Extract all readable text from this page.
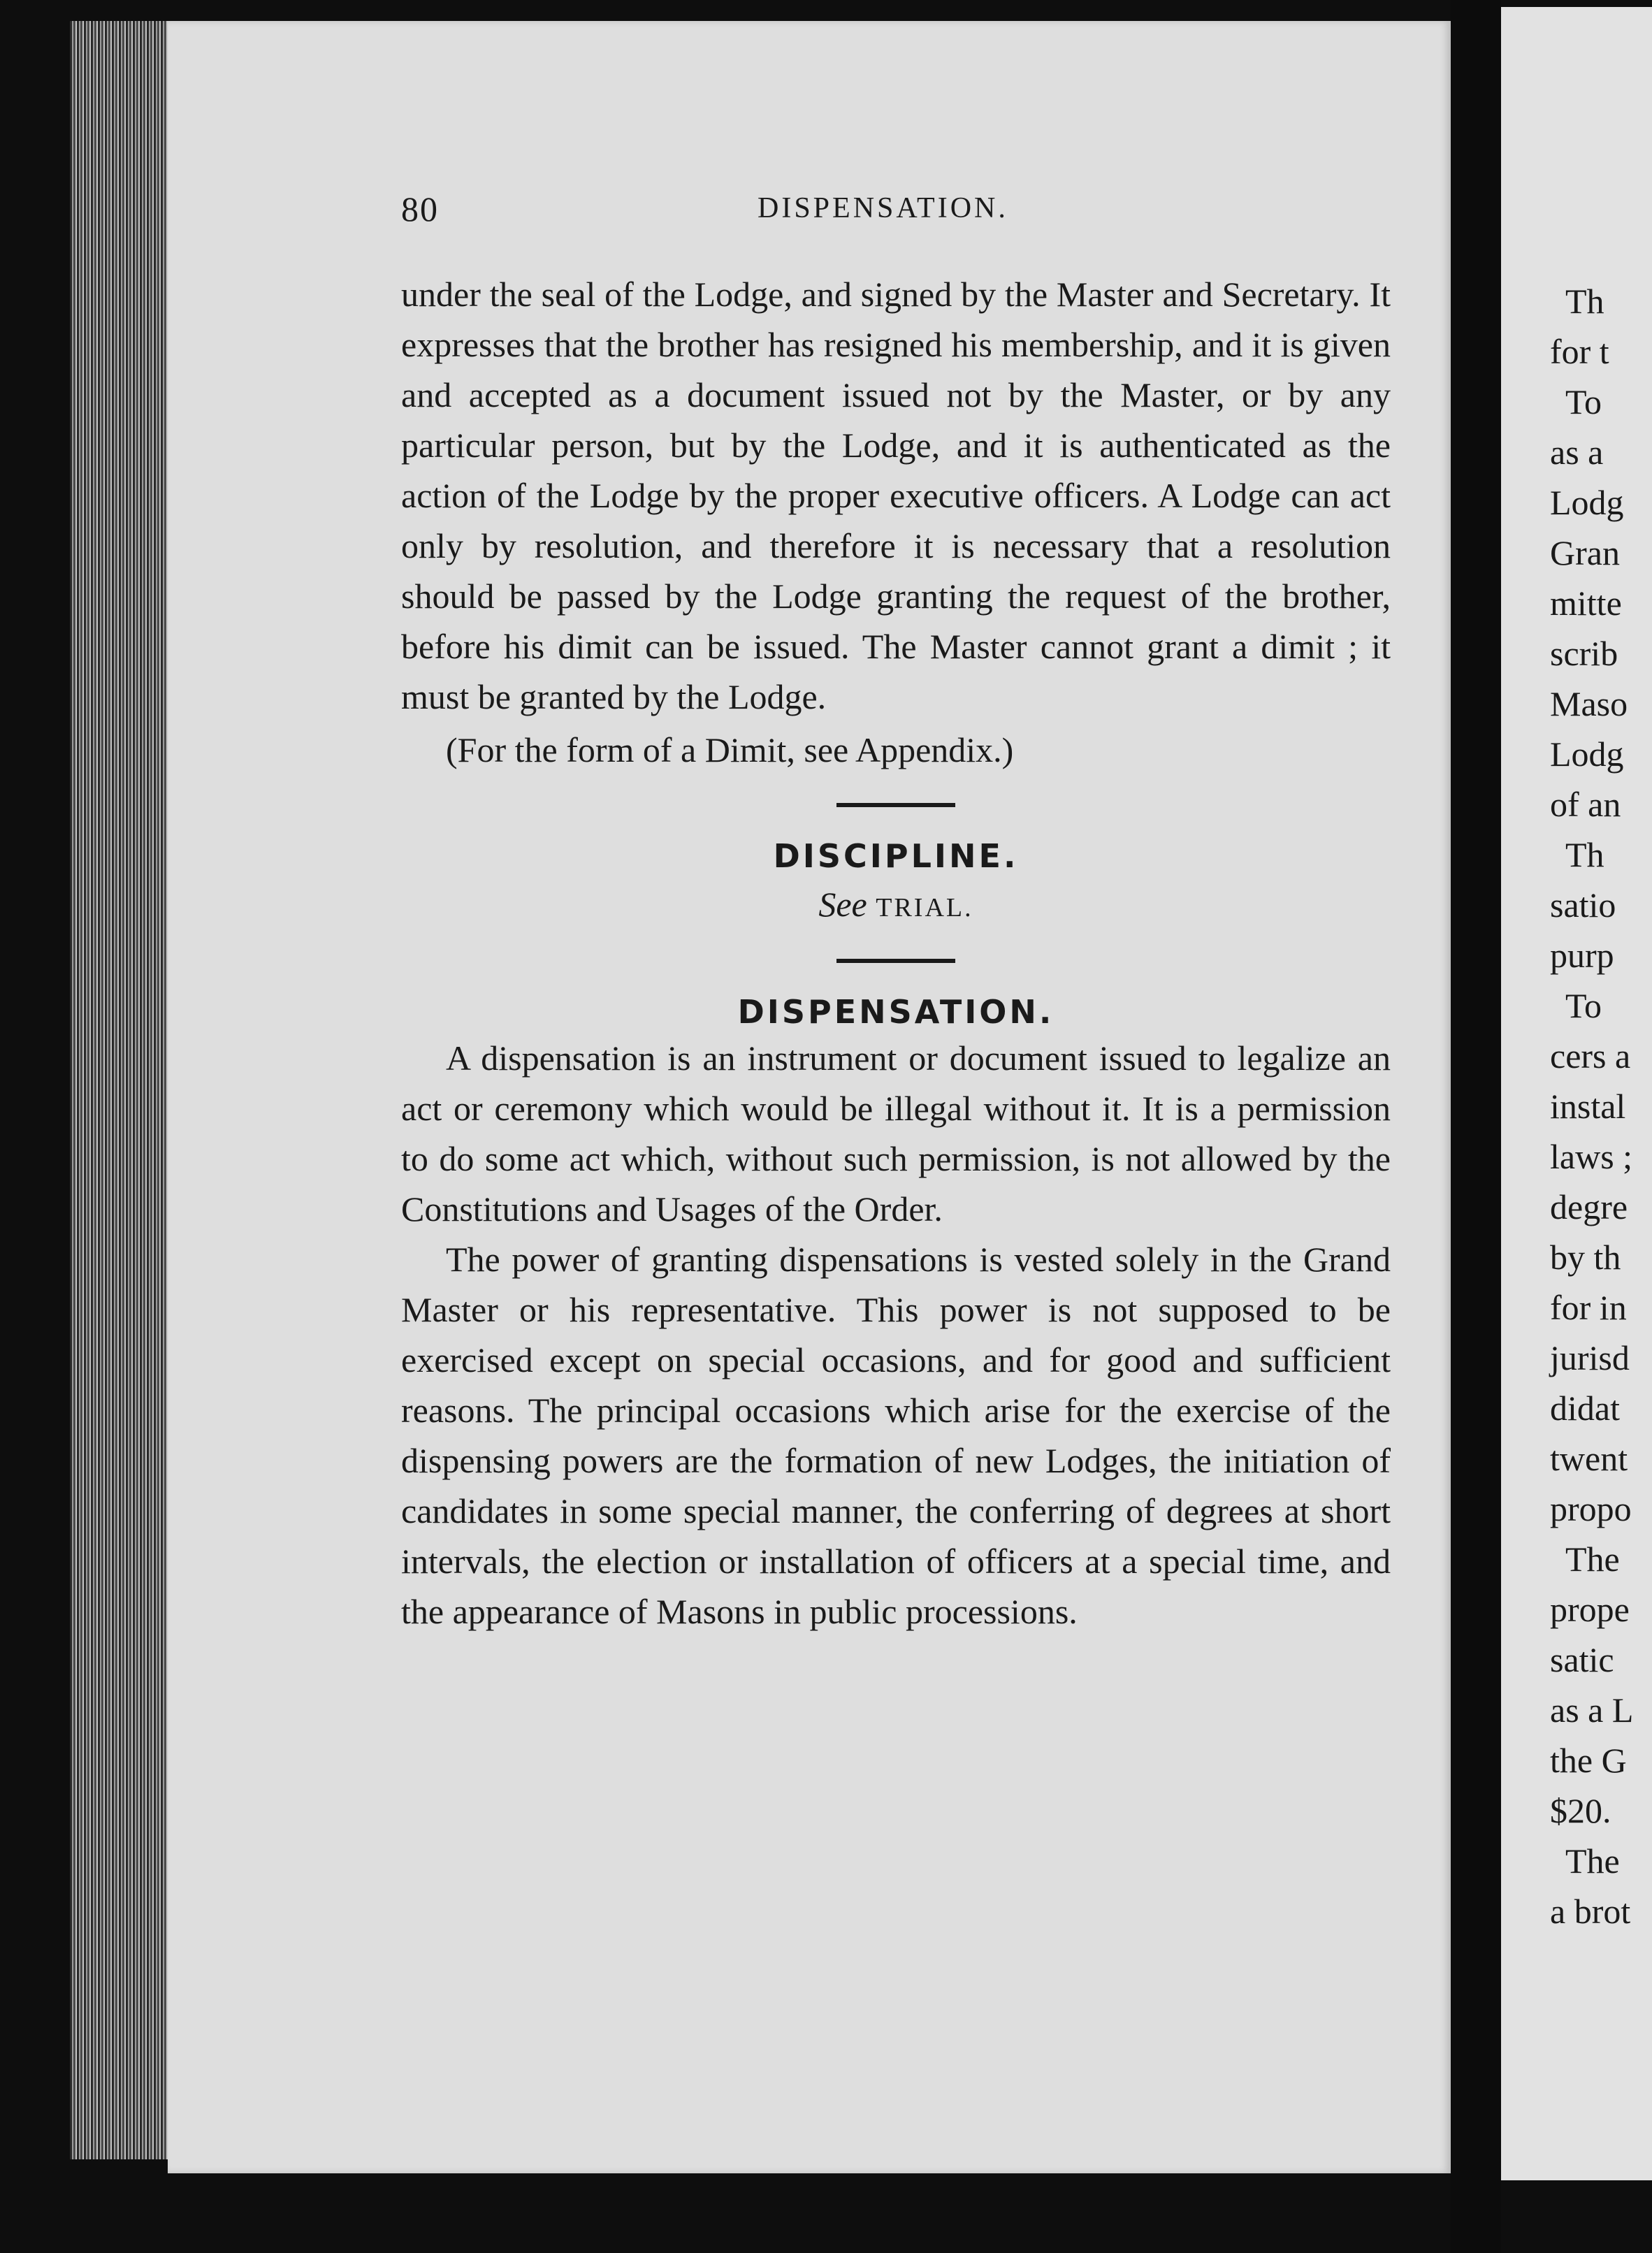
Th
for t
To
as a
Lodg
Gran
mitte
scrib
Maso
Lodg
of an
Th
satio
purp
To
cers a
instal
laws ;
degre
by th
for in
jurisd
didat
twent
propo
The
prope
satic
as a L
the G
$20.
The
a brot
80	DISPENSATION.

under the seal of the Lodge, and signed by the Master and Secretary. It expresses that the brother has resigned his membership, and it is given and accepted as a document issued not by the Master, or by any particular person, but by the Lodge, and it is authenticated as the action of the Lodge by the proper executive officers. A Lodge can act only by resolution, and therefore it is necessary that a resolution should be passed by the Lodge granting the request of the brother, before his dimit can be issued. The Master cannot grant a dimit ; it must be granted by the Lodge.

(For the form of a Dimit, see Appendix.)

DISCIPLINE.

See TRIAL.

DISPENSATION.

A dispensation is an instrument or document issued to legalize an act or ceremony which would be illegal without it. It is a permission to do some act which, without such permission, is not allowed by the Constitutions and Usages of the Order.

The power of granting dispensations is vested solely in the Grand Master or his representative. This power is not supposed to be exercised except on special occasions, and for good and sufficient reasons. The principal occasions which arise for the exercise of the dispensing powers are the formation of new Lodges, the initiation of candidates in some special manner, the conferring of degrees at short intervals, the election or installation of officers at a special time, and the appearance of Masons in public processions.
